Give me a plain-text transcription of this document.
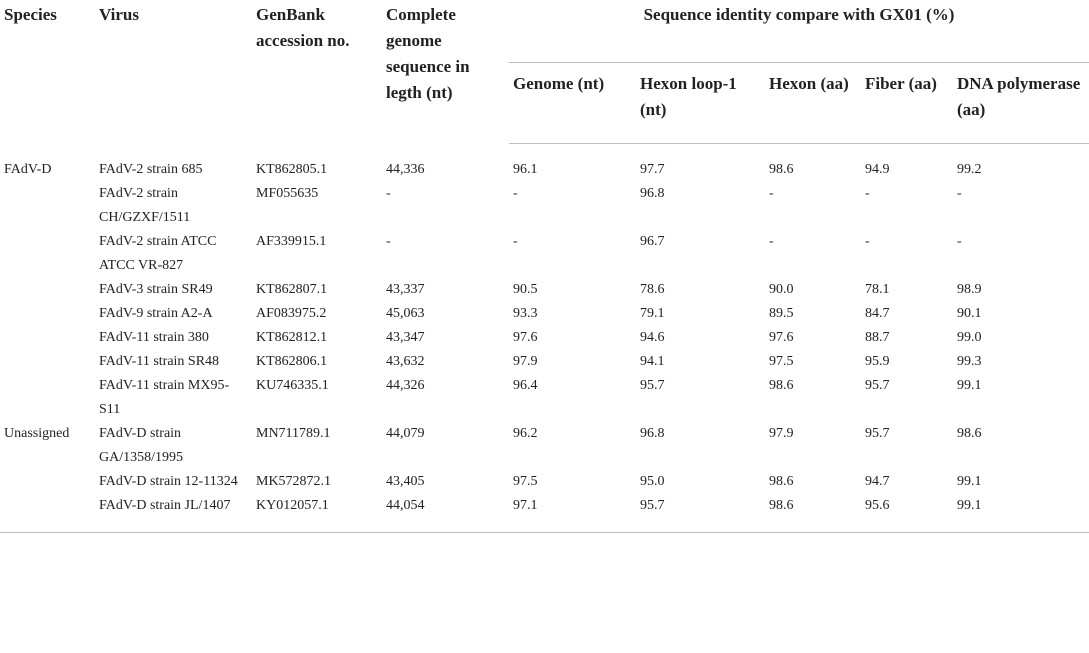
Species	Virus	GenBank accession no.	Complete genome sequence in legth (nt)	Sequence identity compare with GX01 (%)				
				Genome (nt)	Hexon loop-1 (nt)	Hexon (aa)	Fiber (aa)	DNA polymerase (aa)
FAdV-D	FAdV-2 strain 685	KT862805.1	44,336	96.1	97.7	98.6	94.9	99.2
	FAdV-2 strain CH/GZXF/1511	MF055635	-	-	96.8	-	-	-
	FAdV-2 strain ATCC ATCC VR-827	AF339915.1	-	-	96.7	-	-	-
	FAdV-3 strain SR49	KT862807.1	43,337	90.5	78.6	90.0	78.1	98.9
	FAdV-9 strain A2-A	AF083975.2	45,063	93.3	79.1	89.5	84.7	90.1
	FAdV-11 strain 380	KT862812.1	43,347	97.6	94.6	97.6	88.7	99.0
	FAdV-11 strain SR48	KT862806.1	43,632	97.9	94.1	97.5	95.9	99.3
	FAdV-11 strain MX95-S11	KU746335.1	44,326	96.4	95.7	98.6	95.7	99.1
Unassigned	FAdV-D strain GA/1358/1995	MN711789.1	44,079	96.2	96.8	97.9	95.7	98.6
	FAdV-D strain 12-11324	MK572872.1	43,405	97.5	95.0	98.6	94.7	99.1
	FAdV-D strain JL/1407	KY012057.1	44,054	97.1	95.7	98.6	95.6	99.1
